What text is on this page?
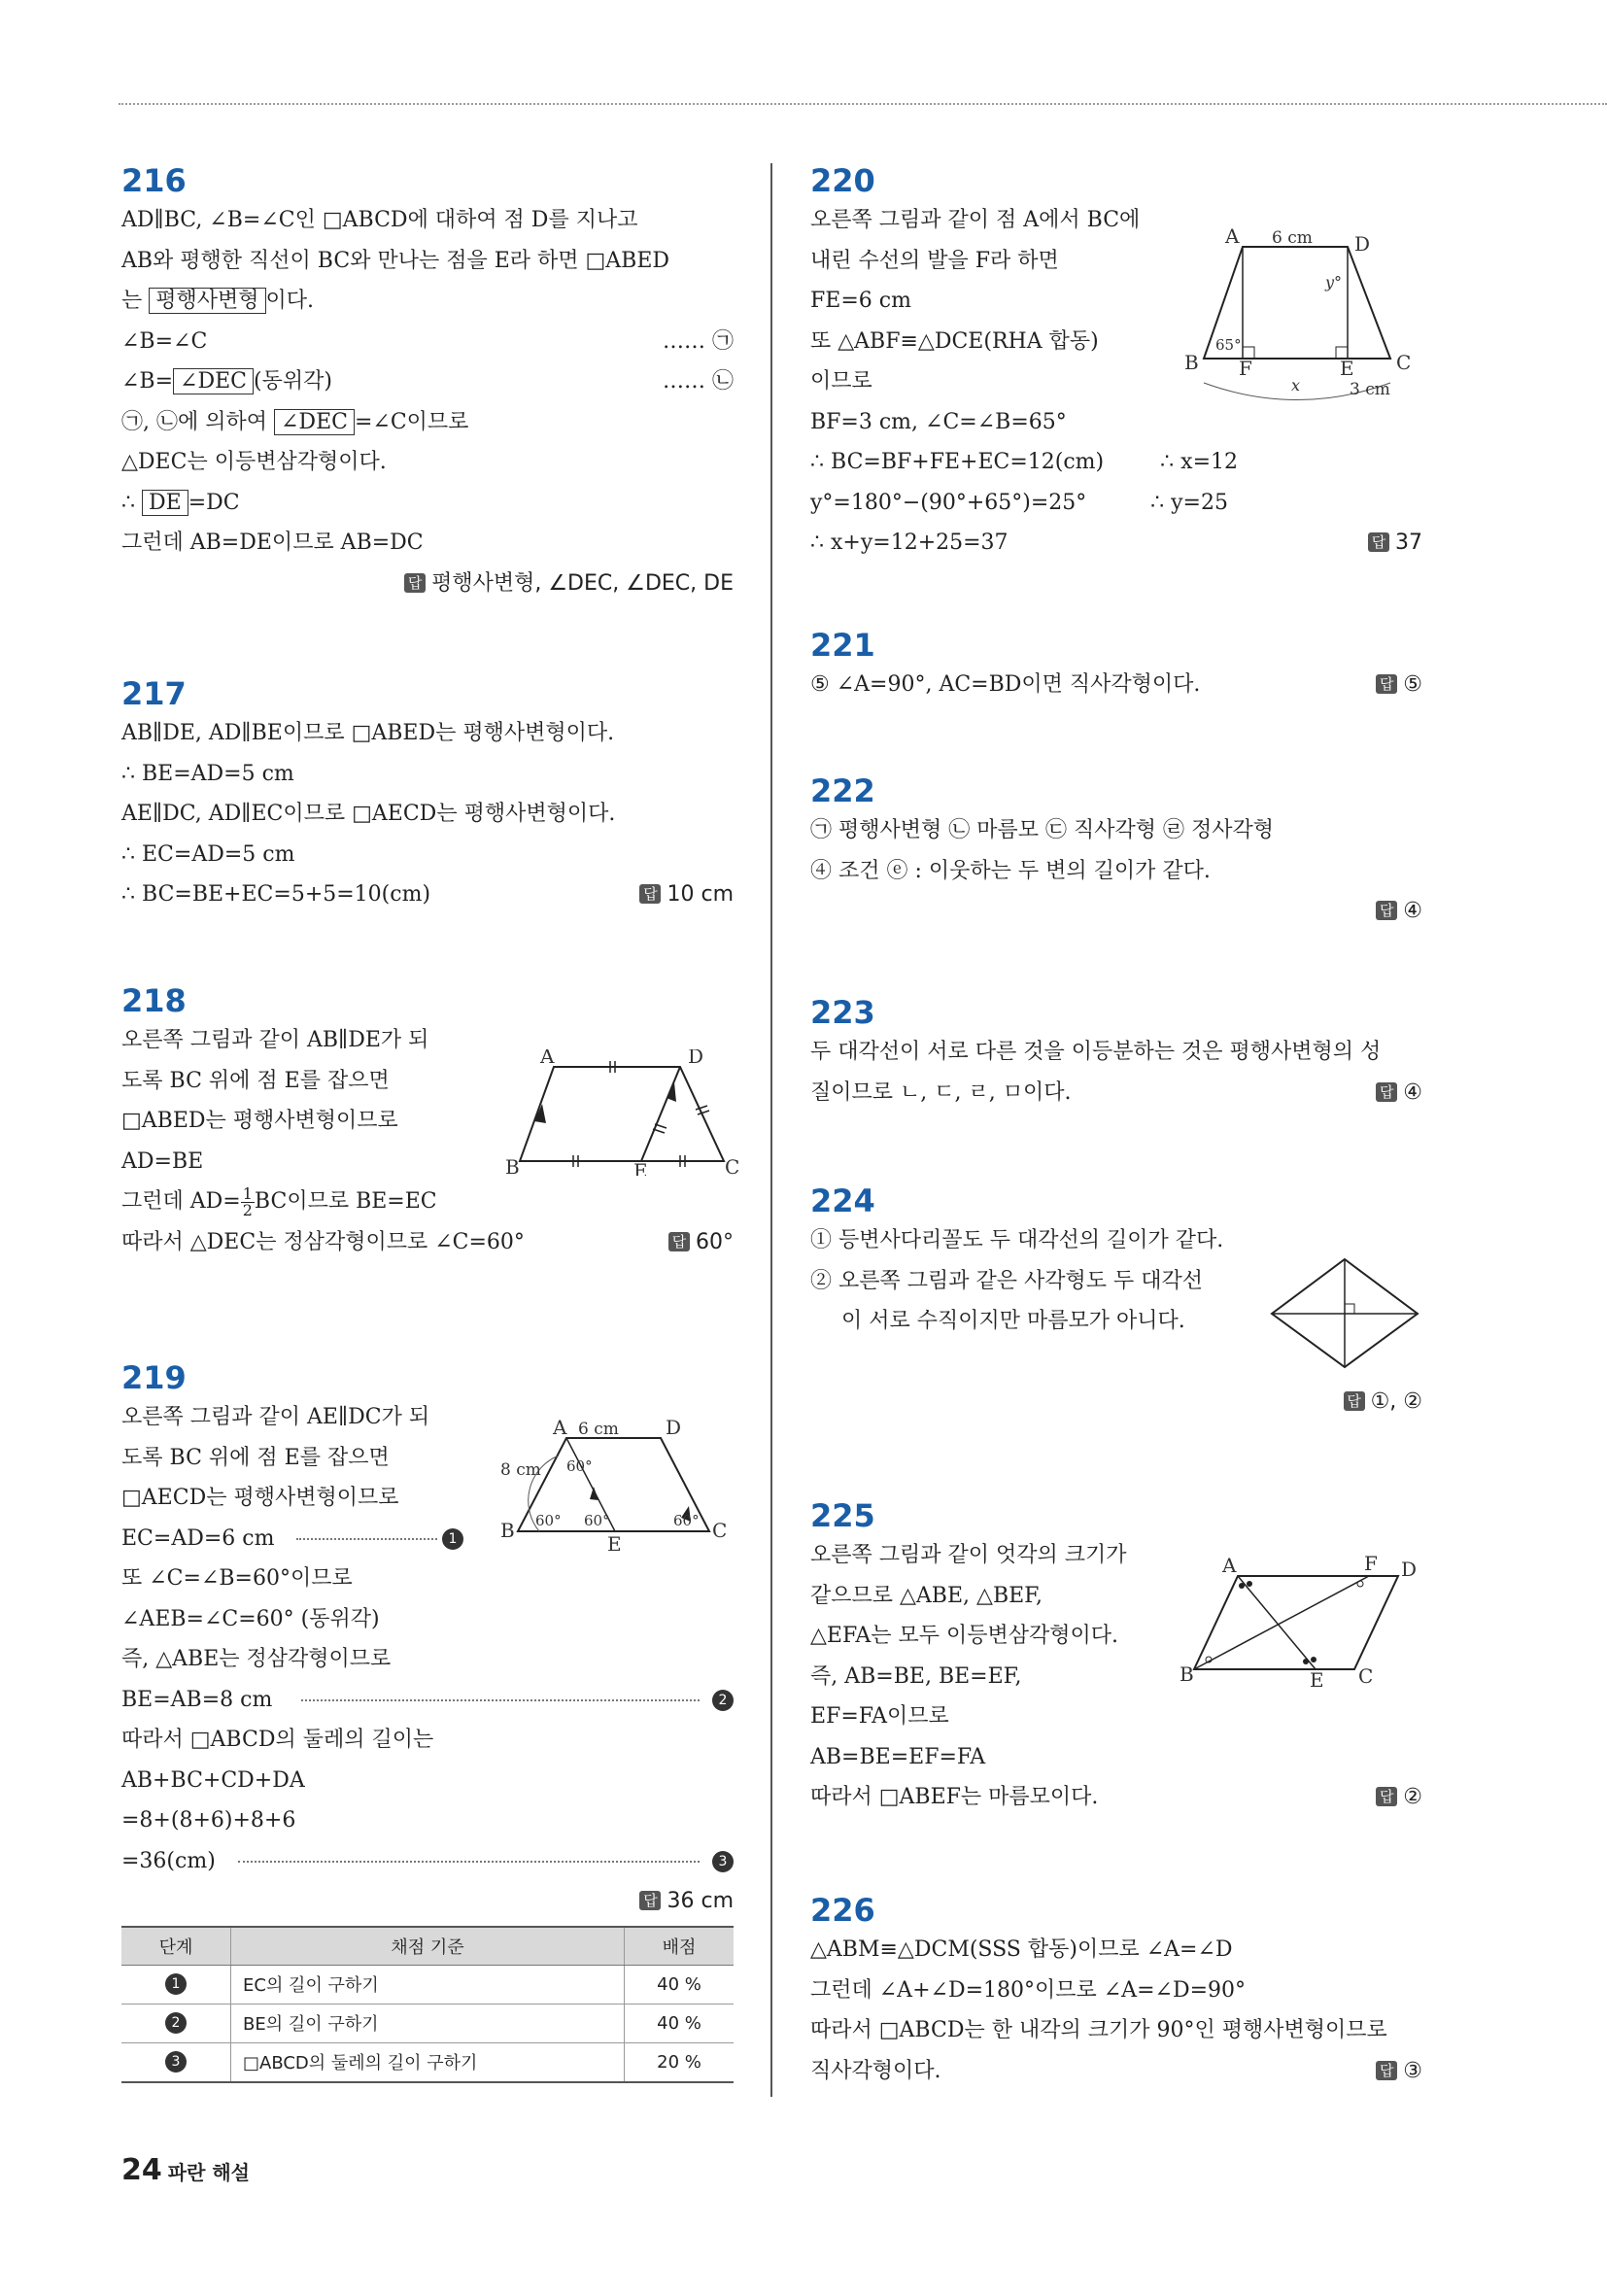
216
AD∥BC, ∠B=∠C인 □ABCD에 대하여 점 D를 지나고
AB와 평행한 직선이 BC와 만나는 점을 E라 하면 □ABED
는 평행사변형 이다.
∠B=∠C	…… ㉠
∠B= ∠DEC (동위각)	…… ㉡
㉠, ㉡에 의하여 ∠DEC =∠C이므로
△DEC는 이등변삼각형이다.
∴ DE =DC
그런데 AB=DE이므로 AB=DC
답 평행사변형, ∠DEC, ∠DEC, DE
217
AB∥DE, AD∥BE이므로 □ABED는 평행사변형이다.
∴ BE=AD=5 cm
AE∥DC, AD∥EC이므로 □AECD는 평행사변형이다.
∴ EC=AD=5 cm
∴ BC=BE+EC=5+5=10(cm)	답 10 cm
218
오른쪽 그림과 같이 AB∥DE가 되
도록 BC 위에 점 E를 잡으면
□ABED는 평행사변형이므로
AD=BE
그런데 $AD= \frac{1}{2}$ BC이므로 BE=EC
따라서 △DEC는 정삼각형이므로 ∠C=60°	답 60°
A	D
B	C
E
219
오른쪽 그림과 같이 AE∥DC가 되
도록 BC 위에 점 E를 잡으면
□AECD는 평행사변형이므로
EC=AD=6 cm	1
또 ∠C=∠B=60°이므로
∠AEB=∠C=60° (동위각)
즉, △ABE는 정삼각형이므로
BE=AB=8 cm	2
따라서 □ABCD의 둘레의 길이는
AB+BC+CD+DA
=8+(8+6)+8+6
=36(cm)	3
답 36 cm
단계	채점 기준	배점
1	EC의 길이 구하기	40 %
2	BE의 길이 구하기	40 %
3	□ABCD의 둘레의 길이 구하기	20 %
A 6 cm D
8 cm 60°
60° 60°	60°
B	C
E
220
오른쪽 그림과 같이 점 A에서 BC에
내린 수선의 발을 F라 하면
FE=6 cm
또 △ABF≡△DCE(RHA 합동)
이므로
BF=3 cm, ∠C=∠B=65°
∴ BC=BF+FE+EC=12(cm)	∴ x=12
y°=180°−(90°+65°)=25°	∴ y=25
∴ x+y=12+25=37	답 37
A 6 cm D
y°
65°
B F	E C
x	3 cm
221
⑤ ∠A=90°, AC=BD이면 직사각형이다.	답 ⑤
222
㉠ 평행사변형 ㉡ 마름모 ㉢ 직사각형 ㉣ 정사각형
④ 조건 ⓔ : 이웃하는 두 변의 길이가 같다.
답 ④
223
두 대각선이 서로 다른 것을 이등분하는 것은 평행사변형의 성
질이므로 ㄴ, ㄷ, ㄹ, ㅁ이다.	답 ④
224
① 등변사다리꼴도 두 대각선의 길이가 같다.
② 오른쪽 그림과 같은 사각형도 두 대각선
이 서로 수직이지만 마름모가 아니다.
답 ①, ②
225
오른쪽 그림과 같이 엇각의 크기가
같으므로 △ABE, △BEF,
△EFA는 모두 이등변삼각형이다.
즉, AB=BE, BE=EF,
EF=FA이므로
AB=BE=EF=FA
따라서 □ABEF는 마름모이다.	답 ②
A	F D
B	E C
226
△ABM≡△DCM(SSS 합동)이므로 ∠A=∠D
그런데 ∠A+∠D=180°이므로 ∠A=∠D=90°
따라서 □ABCD는 한 내각의 크기가 90°인 평행사변형이므로
직사각형이다.	답 ③
24 파란 해설
